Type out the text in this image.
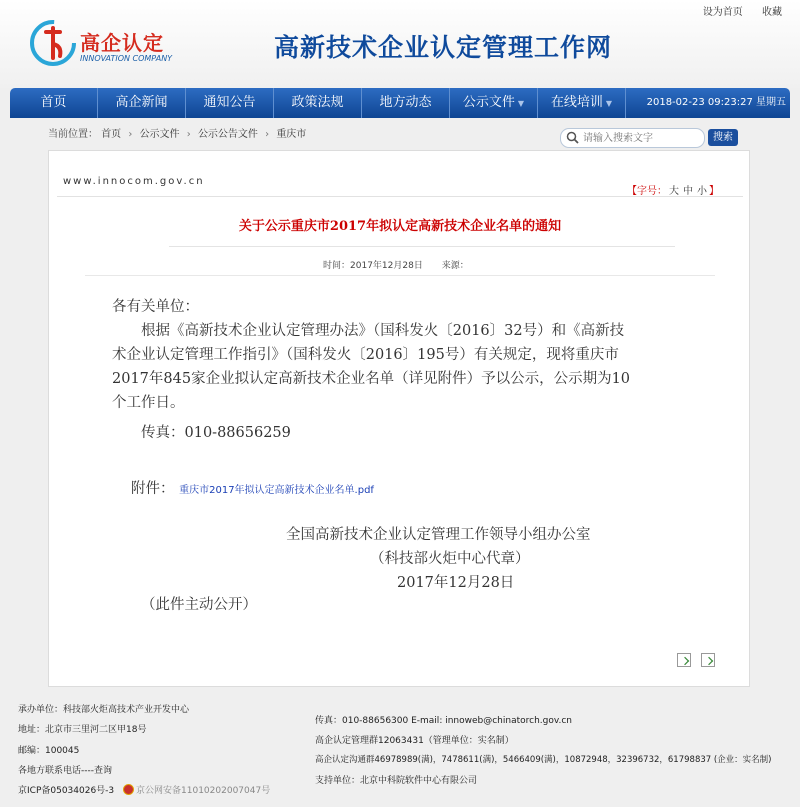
设为首页 收藏
高企认定
INNOVATION COMPANY	高新技术企业认定管理工作网
首页	高企新闻	通知公告	政策法规	地方动态	公示文件 ▼	在线培训 ▼	2018-02-23 09:23:27 星期五
当前位置： 首页 › 公示文件 › 公示公告文件 › 重庆市
请输入搜索文字	搜索
www.innocom.gov.cn
【字号： 大 中 小 】
关于公示重庆市2017年拟认定高新技术企业名单的通知
时间：2017年12月28日 来源：
各有关单位：
根据《高新技术企业认定管理办法》（国科发火〔2016〕32号）和《高新技
术企业认定管理工作指引》（国科发火〔2016〕195号）有关规定，现将重庆市
2017年845家企业拟认定高新技术企业名单（详见附件）予以公示，公示期为10
个工作日。
传真：010-88656259
附件： 重庆市2017年拟认定高新技术企业名单.pdf
全国高新技术企业认定管理工作领导小组办公室
（科技部火炬中心代章）
2017年12月28日
（此件主动公开）

承办单位：科技部火炬高技术产业开发中心
地址：北京市三里河二区甲18号
邮编：100045
各地方联系电话----查询
京ICP备05034026号-3 京公网安备11010202007047号
传真：010-88656300 E-mail: innoweb@chinatorch.gov.cn
高企认定管理群12063431（管理单位：实名制）
高企认定沟通群46978989(满)，7478611(满)，5466409(满)，10872948，32396732，61798837 (企业：实名制)
支持单位：北京中科院软件中心有限公司
